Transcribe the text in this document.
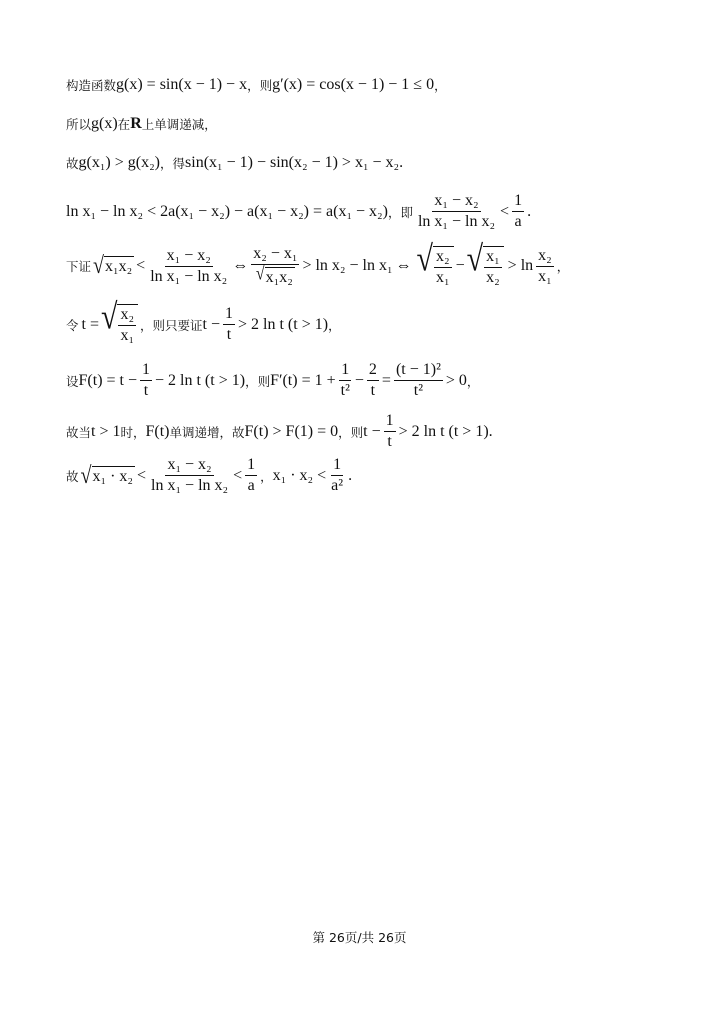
构造函数 g(x) = sin(x − 1) − x ，则 g′(x) = cos(x − 1) − 1 ≤ 0 ，
所以 g(x) 在 R 上单调递减，
故 g(x₁) > g(x₂) ，得 sin(x₁ − 1) − sin(x₂ − 1) > x₁ − x₂ .
ln x₁ − ln x₂ < 2a(x₁ − x₂) − a(x₁ − x₂) = a(x₁ − x₂) ，即 $\frac{\text{x₁ − x₂}}{\text{ln x₁ − ln x₂}} < \frac{1}{a}$ .
下证 √ $x_1x_2 < \frac{\text{x₁ − x₂}}{\text{ln x₁ − ln x₂}}$ ⇔ $\frac{\text{x₂ − x₁}}{\text{√ x₁x₂}} > \ln x_2 - \ln x_1$ ⇔ √ $\frac{\text{x₂}}{\text{x₁}}$ − √ $\frac{\text{x₁}}{\text{x₂}} > \ln \frac{\text{x₂}}{\text{x₁}}$ ，
令 t = √ $\frac{\text{x₂}}{\text{x₁}}$ ，则只要证 $t - \frac{1}{t} > 2$ ln t (t > 1) ，
设 $F(t) = t - \frac{1}{t} - 2$ ln t (t > 1) ，则 $F'(t) = 1 + \frac{1}{\text{t²}} - \frac{2}{t} = \frac{\text{(t − 1)²}}{\text{t²}} > 0$ ，
故当 t > 1 时， F(t) 单调递增，故 F(t) > F(1) = 0 ，则 $t - \frac{1}{t} > 2$ ln t (t > 1) .
故 √ $x_1 \cdot x_2 < \frac{\text{x₁ − x₂}}{\text{ln x₁ − ln x₂}} < \frac{1}{a}$ ， $x_1 \cdot x_2 < \frac{1}{\text{a²}}$ .
第 26页/共 26页
